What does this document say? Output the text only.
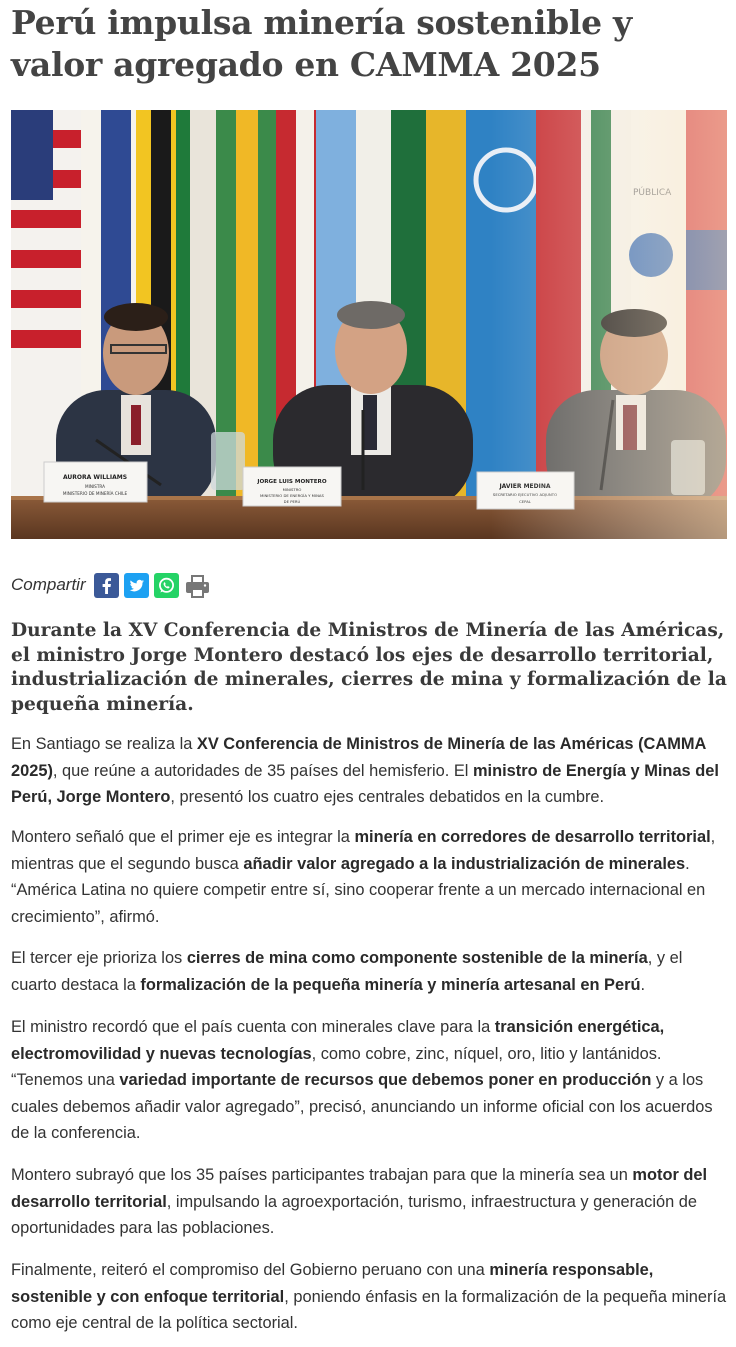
Perú impulsa minería sostenible y valor agregado en CAMMA 2025
AURORA WILLIAMS
MINISTRA
MINISTERIO DE MINERÍA CHILE
JORGE LUIS MONTERO
MINISTRO
MINISTERIO DE ENERGÍA Y MINAS
DE PERÚ
Compartir

Durante la XV Conferencia de Ministros de Minería de las Américas, el ministro Jorge Montero destacó los ejes de desarrollo territorial, industrialización de minerales, cierres de mina y formalización de la pequeña minería.

En Santiago se realiza la XV Conferencia de Ministros de Minería de las Américas (CAMMA 2025), que reúne a autoridades de 35 países del hemisferio. El ministro de Energía y Minas del Perú, Jorge Montero, presentó los cuatro ejes centrales debatidos en la cumbre.

Montero señaló que el primer eje es integrar la minería en corredores de desarrollo territorial, mientras que el segundo busca añadir valor agregado a la industrialización de minerales. “América Latina no quiere competir entre sí, sino cooperar frente a un mercado internacional en crecimiento”, afirmó.

El tercer eje prioriza los cierres de mina como componente sostenible de la minería, y el cuarto destaca la formalización de la pequeña minería y minería artesanal en Perú.

El ministro recordó que el país cuenta con minerales clave para la transición energética, electromovilidad y nuevas tecnologías, como cobre, zinc, níquel, oro, litio y lantánidos. “Tenemos una variedad importante de recursos que debemos poner en producción y a los cuales debemos añadir valor agregado”, precisó, anunciando un informe oficial con los acuerdos de la conferencia.

Montero subrayó que los 35 países participantes trabajan para que la minería sea un motor del desarrollo territorial, impulsando la agroexportación, turismo, infraestructura y generación de oportunidades para las poblaciones.

Finalmente, reiteró el compromiso del Gobierno peruano con una minería responsable, sostenible y con enfoque territorial, poniendo énfasis en la formalización de la pequeña minería como eje central de la política sectorial.
